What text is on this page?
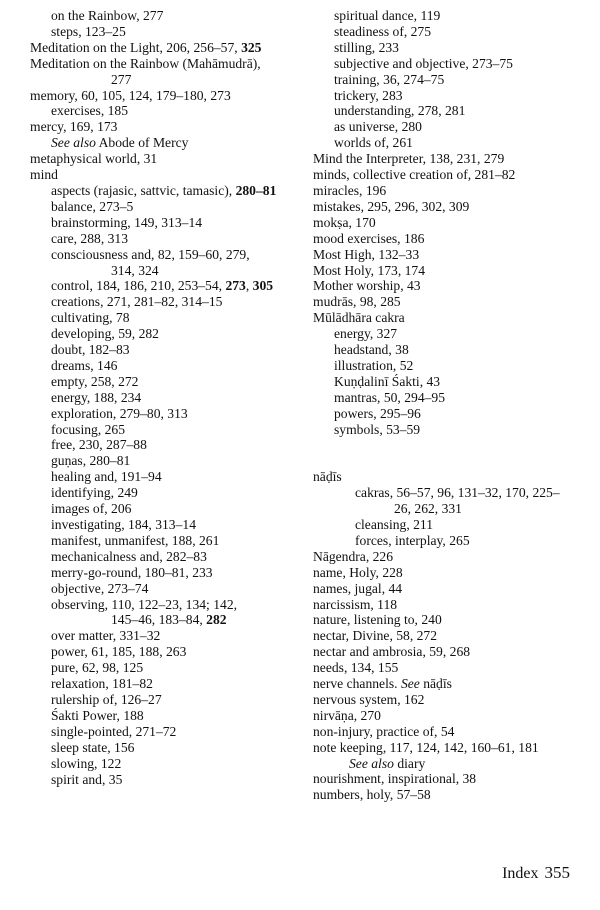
on the Rainbow, 277

steps, 123–25

Meditation on the Light, 206, 256–57, 325

Meditation on the Rainbow (Mahāmudrā),

277

memory, 60, 105, 124, 179–180, 273

exercises, 185

mercy, 169, 173

See also Abode of Mercy

metaphysical world, 31

mind

aspects (rajasic, sattvic, tamasic), 280–81

balance, 273–5

brainstorming, 149, 313–14

care, 288, 313

consciousness and, 82, 159–60, 279,

314, 324

control, 184, 186, 210, 253–54, 273, 305

creations, 271, 281–82, 314–15

cultivating, 78

developing, 59, 282

doubt, 182–83

dreams, 146

empty, 258, 272

energy, 188, 234

exploration, 279–80, 313

focusing, 265

free, 230, 287–88

guṇas, 280–81

healing and, 191–94

identifying, 249

images of, 206

investigating, 184, 313–14

manifest, unmanifest, 188, 261

mechanicalness and, 282–83

merry-go-round, 180–81, 233

objective, 273–74

observing, 110, 122–23, 134; 142,

145–46, 183–84, 282

over matter, 331–32

power, 61, 185, 188, 263

pure, 62, 98, 125

relaxation, 181–82

rulership of, 126–27

Śakti Power, 188

single-pointed, 271–72

sleep state, 156

slowing, 122

spirit and, 35

spiritual dance, 119

steadiness of, 275

stilling, 233

subjective and objective, 273–75

training, 36, 274–75

trickery, 283

understanding, 278, 281

as universe, 280

worlds of, 261

Mind the Interpreter, 138, 231, 279

minds, collective creation of, 281–82

miracles, 196

mistakes, 295, 296, 302, 309

mokṣa, 170

mood exercises, 186

Most High, 132–33

Most Holy, 173, 174

Mother worship, 43

mudrās, 98, 285

Mūlādhāra cakra

energy, 327

headstand, 38

illustration, 52

Kuṇḍalinī Śakti, 43

mantras, 50, 294–95

powers, 295–96

symbols, 53–59

nāḍīs

cakras, 56–57, 96, 131–32, 170, 225–

26, 262, 331

cleansing, 211

forces, interplay, 265

Nāgendra, 226

name, Holy, 228

names, jugal, 44

narcissism, 118

nature, listening to, 240

nectar, Divine, 58, 272

nectar and ambrosia, 59, 268

needs, 134, 155

nerve channels. See nāḍīs

nervous system, 162

nirvāṇa, 270

non-injury, practice of, 54

note keeping, 117, 124, 142, 160–61, 181

See also diary

nourishment, inspirational, 38

numbers, holy, 57–58

Index 355
